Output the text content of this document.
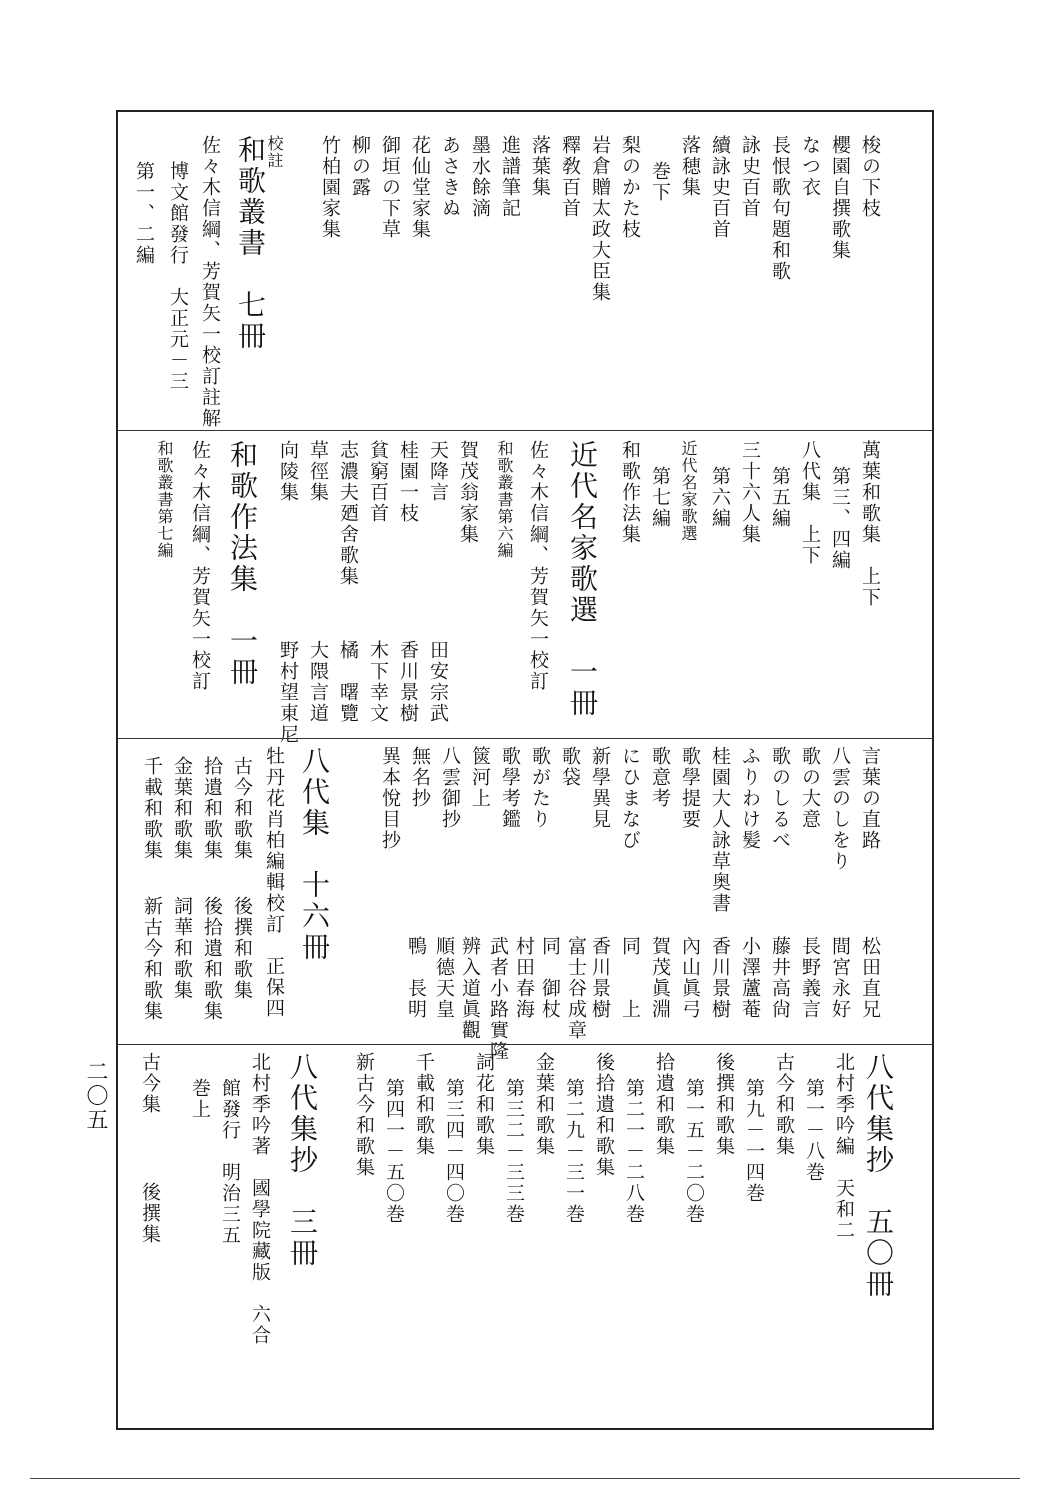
梭の下枝
櫻園自撰歌集
なつ衣
長恨歌句題和歌
詠史百首
續詠史百首
落穂集
巻下
梨のかた枝
岩倉贈太政大臣集
釋敎百首
落葉集
進譜筆記
墨水餘滴
あさきぬ
花仙堂家集
御垣の下草
柳の露
竹柏園家集
校註
和歌叢書　七冊
佐々木信綱、芳賀矢一校訂註解
博文館發行　大正元－三
第一、二編
萬葉和歌集　上下
第三、四編
八代集　上下
第五編
三十六人集
第六編
近代名家歌選
第七編
和歌作法集
近代名家歌選　一冊
佐々木信綱、芳賀矢一校訂
和歌叢書第六編
賀茂翁家集
天降言
桂園一枝
貧窮百首
志濃夫廼舍歌集
草徑集
向陵集
和歌作法集　一冊
佐々木信綱、芳賀矢一校訂
和歌叢書第七編
田安宗武
香川景樹
木下幸文
橘　曙覽
大隈言道
野村望東尼
言葉の直路
八雲のしをり
歌の大意
歌のしるべ
ふりわけ髪
桂園大人詠草奥書
歌學提要
歌意考
にひまなび
新學異見
歌袋
歌がたり
歌學考鑑
篋河上
八雲御抄
無名抄
異本悅目抄
松田直兄
間宮永好
長野義言
藤井高尙
小澤蘆菴
香川景樹
內山眞弓
賀茂眞淵
同　　上
香川景樹
富士谷成章
同　御杖
村田春海
武者小路實隆
辨入道眞觀
順德天皇
鴨　長明
八代集　十六冊
牡丹花肖柏編輯校訂　正保四
古今和歌集
後撰和歌集
拾遺和歌集
後拾遺和歌集
金葉和歌集
詞華和歌集
千載和歌集
新古今和歌集
八代集抄　五〇冊
北村季吟編　天和二
第一－八巻
古今和歌集
第九－一四巻
後撰和歌集
第一五－二〇巻
拾遺和歌集
第二一－二八巻
後拾遺和歌集
第二九－三一巻
金葉和歌集
第三二－三三巻
詞花和歌集
第三四－四〇巻
千載和歌集
第四一－五〇巻
新古今和歌集
八代集抄　三冊
北村季吟著　國學院藏版　六合
館發行　明治三五
巻上
古今集
後撰集
二〇五
